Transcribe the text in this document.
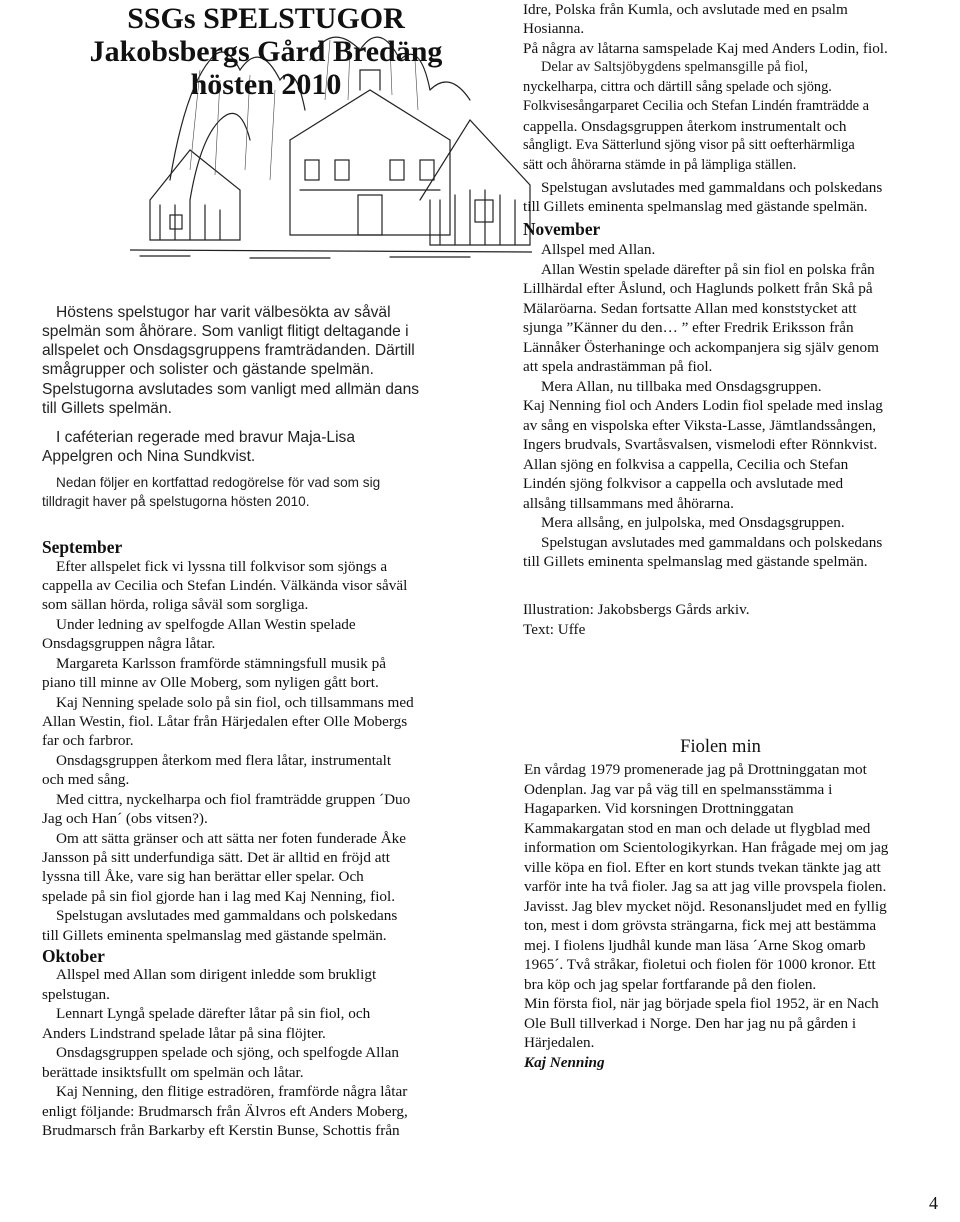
SSGs SPELSTUGOR
Jakobsbergs Gård Bredäng
hösten 2010
Höstens spelstugor har varit välbesökta av såväl
spelmän som åhörare. Som vanligt flitigt deltagande i
allspelet och Onsdagsgruppens framträdanden. Därtill
smågrupper och solister och gästande spelmän.
Spelstugorna avslutades som vanligt med allmän dans
till Gillets spelmän.
I caféterian regerade med bravur Maja-Lisa
Appelgren och Nina Sundkvist.
Nedan följer en kortfattad redogörelse för vad som sig
tilldragit haver på spelstugorna hösten 2010.
September
Efter allspelet fick vi lyssna till folkvisor som sjöngs a
cappella av Cecilia och Stefan Lindén. Välkända visor såväl
som sällan hörda, roliga såväl som sorgliga.
Under ledning av spelfogde Allan Westin spelade
Onsdagsgruppen några låtar.
Margareta Karlsson framförde stämningsfull musik på
piano till minne av Olle Moberg, som nyligen gått bort.
Kaj Nenning spelade solo på sin fiol, och tillsammans med
Allan Westin, fiol. Låtar från Härjedalen efter Olle Mobergs
far och farbror.
Onsdagsgruppen återkom med flera låtar, instrumentalt
och med sång.
Med cittra, nyckelharpa och fiol framträdde gruppen ´Duo
Jag och Han´ (obs vitsen?).
Om att sätta gränser och att sätta ner foten funderade Åke
Jansson på sitt underfundiga sätt. Det är alltid en fröjd att
lyssna till Åke, vare sig han berättar eller spelar. Och
spelade på sin fiol gjorde han i lag med Kaj Nenning, fiol.
Spelstugan avslutades med gammaldans och polskedans
till Gillets eminenta spelmanslag med gästande spelmän.
Oktober
Allspel med Allan som dirigent inledde som brukligt
spelstugan.
Lennart Lyngå spelade därefter låtar på sin fiol, och
Anders Lindstrand spelade låtar på sina flöjter.
Onsdagsgruppen spelade och sjöng, och spelfogde Allan
berättade insiktsfullt om spelmän och låtar.
Kaj Nenning, den flitige estradören, framförde några låtar
enligt följande: Brudmarsch från Älvros eft Anders Moberg,
Brudmarsch från Barkarby eft Kerstin Bunse, Schottis från
Idre, Polska från Kumla, och avslutade med en psalm
Hosianna.
På några av låtarna samspelade Kaj med Anders Lodin, fiol.
Delar av Saltsjöbygdens spelmansgille på fiol,
nyckelharpa, cittra och därtill sång spelade och sjöng.
Folkvisesångarparet Cecilia och Stefan Lindén framträdde a
cappella. Onsdagsgruppen återkom instrumentalt och
sångligt. Eva Sätterlund sjöng visor på sitt oefterhärmliga
sätt och åhörarna stämde in på lämpliga ställen.
Spelstugan avslutades med gammaldans och polskedans
till Gillets eminenta spelmanslag med gästande spelmän.
November
Allspel med Allan.
Allan Westin spelade därefter på sin fiol en polska från
Lillhärdal efter Åslund, och Haglunds polkett från Skå på
Mälaröarna. Sedan fortsatte Allan med konststycket att
sjunga ”Känner du den… ” efter Fredrik Eriksson från
Lännåker Österhaninge och ackompanjera sig själv genom
att spela andrastämman på fiol.
Mera Allan, nu tillbaka med Onsdagsgruppen.
Kaj Nenning fiol och Anders Lodin fiol spelade med inslag
av sång en vispolska efter Viksta-Lasse, Jämtlandssången,
Ingers brudvals, Svartåsvalsen, vismelodi efter Rönnkvist.
Allan sjöng en folkvisa a cappella, Cecilia och Stefan
Lindén sjöng folkvisor a cappella och avslutade med
allsång tillsammans med åhörarna.
Mera allsång, en julpolska, med Onsdagsgruppen.
Spelstugan avslutades med gammaldans och polskedans
till Gillets eminenta spelmanslag med gästande spelmän.
Illustration: Jakobsbergs Gårds arkiv.
Text: Uffe
Fiolen min
En vårdag 1979 promenerade jag på Drottninggatan mot
Odenplan. Jag var på väg till en spelmansstämma i
Hagaparken. Vid korsningen Drottninggatan
Kammakargatan stod en man och delade ut flygblad med
information om Scientologikyrkan. Han frågade mej om jag
ville köpa en fiol. Efter en kort stunds tvekan tänkte jag att
varför inte ha två fioler. Jag sa att jag ville provspela fiolen.
Javisst. Jag blev mycket nöjd. Resonansljudet med en fyllig
ton, mest i dom grövsta strängarna, fick mej att bestämma
mej. I fiolens ljudhål kunde man läsa ´Arne Skog omarb
1965´. Två stråkar, fioletui och fiolen för 1000 kronor. Ett
bra köp och jag spelar fortfarande på den fiolen.
Min första fiol, när jag började spela fiol 1952, är en Nach
Ole Bull tillverkad i Norge. Den har jag nu på gården i
Härjedalen.
Kaj Nenning
4
